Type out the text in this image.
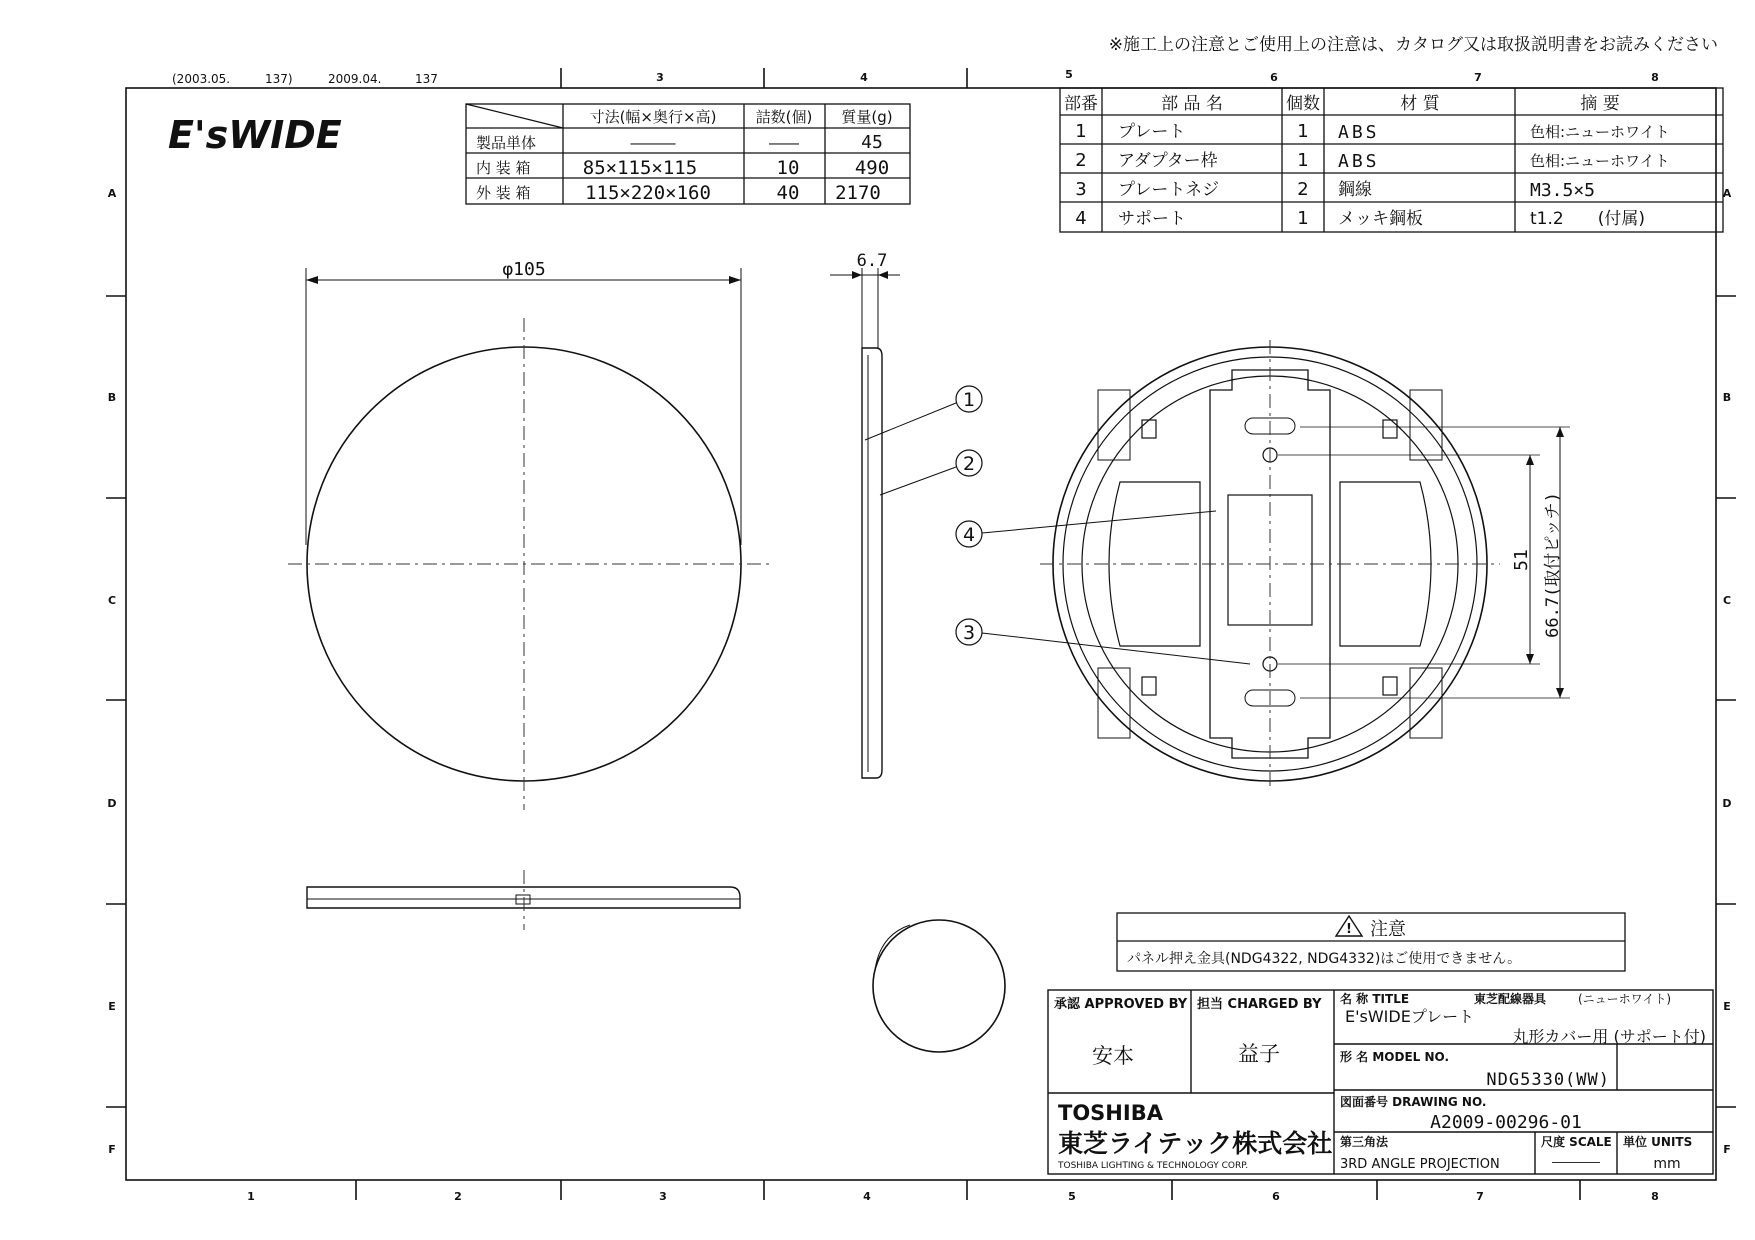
※施工上の注意とご使用上の注意は、カタログ又は取扱説明書をお読みください
(2003.05.	137)	2009.04.	137	3	4	5	6	7	8
1	2	3	4	5	6	7	8
A
B
C
D
E
F
A
B
C
D
E
F
E'sWIDE	寸法(幅×奥行×高)	詰数(個) 質量(g)
製品単体	―――	――	45
内 装 箱	85×115×115	10	490
外 装 箱	115×220×160	40 2170
部番	部 品 名	個数	材 質	摘 要
1 プレート	1 ABS	色相:ニューホワイト
2 アダプター枠	1 ABS	色相:ニューホワイト
3 プレートネジ	2 鋼線	M3.5×5
4 サポート	1 メッキ鋼板	t1.2　　(付属)
φ105	6.7
1
2
3
4
51 66.7(取付ピッチ)
! 注意
パネル押え金具(NDG4322, NDG4332)はご使用できません。
承認 APPROVED BY
安本
担当 CHARGED BY
益子
名 称 TITLE	東芝配線器具	(ニューホワイト)
E'sWIDEプレート
丸形カバー用 (サポート付)
形 名 MODEL NO.
NDG5330(WW)
図面番号 DRAWING NO.
A2009-00296-01
第三角法
3RD ANGLE PROJECTION
尺度 SCALE
――――
単位 UNITS
mm
TOSHIBA
東芝ライテック株式会社
TOSHIBA LIGHTING & TECHNOLOGY CORP.
